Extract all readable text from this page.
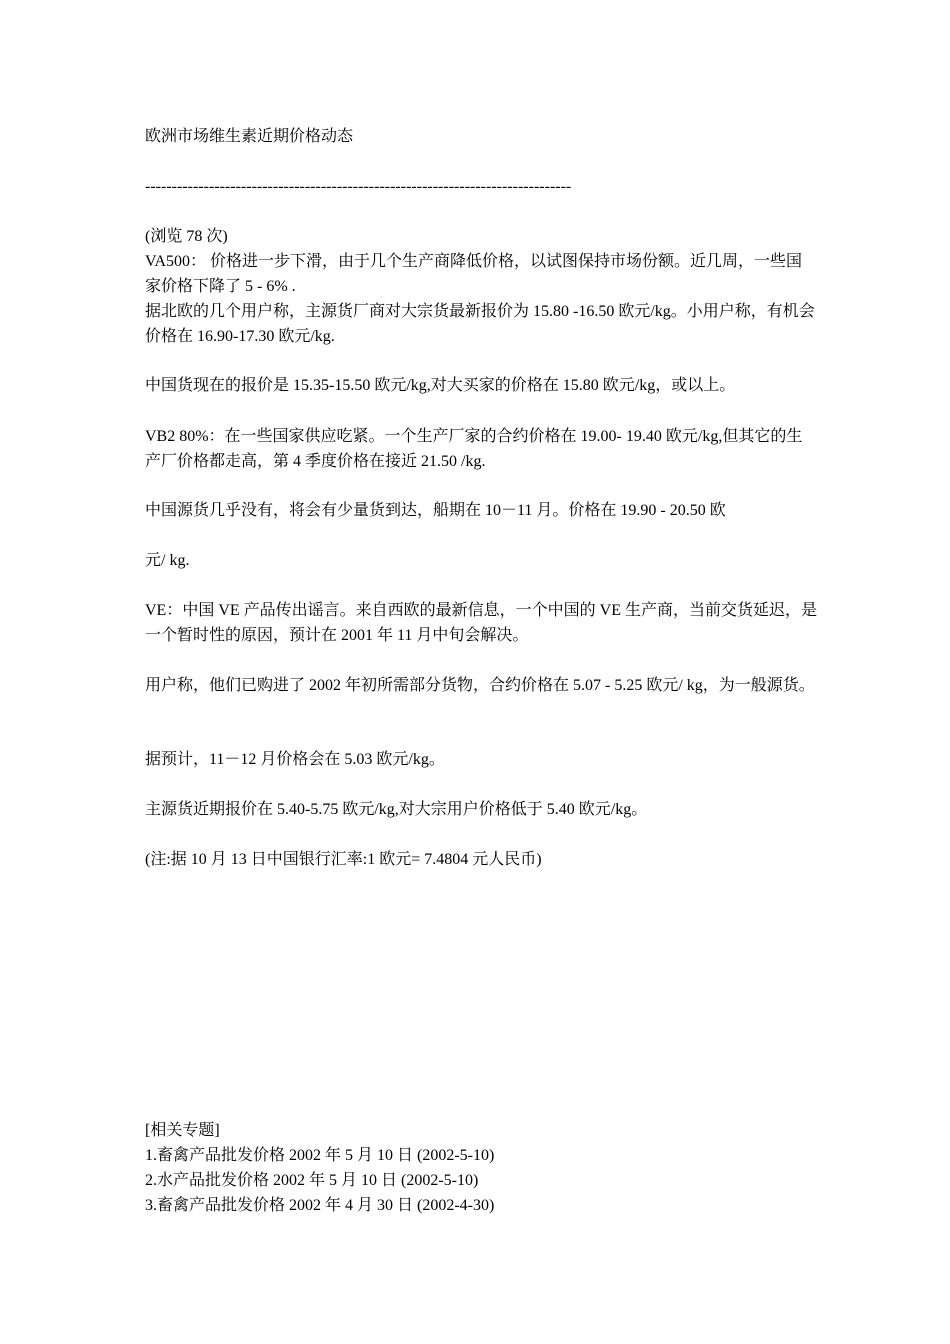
欧洲市场维生素近期价格动态
--------------------------------------------------------------------------------
(浏览 78 次)
VA500： 价格进一步下滑，由于几个生产商降低价格，以试图保持市场份额。近几周，一些国家价格下降了 5 - 6% .
据北欧的几个用户称，主源货厂商对大宗货最新报价为 15.80 -16.50 欧元/kg。小用户称，有机会价格在 16.90-17.30 欧元/kg.
中国货现在的报价是 15.35-15.50 欧元/kg,对大买家的价格在 15.80 欧元/kg，或以上。
VB2 80%：在一些国家供应吃紧。一个生产厂家的合约价格在 19.00- 19.40 欧元/kg,但其它的生产厂价格都走高，第 4 季度价格在接近 21.50 /kg.
中国源货几乎没有，将会有少量货到达，船期在 10－11 月。价格在 19.90 - 20.50 欧
元/ kg.
VE：中国 VE 产品传出谣言。来自西欧的最新信息，一个中国的 VE 生产商，当前交货延迟，是一个暂时性的原因，预计在 2001 年 11 月中旬会解决。
用户称，他们已购进了 2002 年初所需部分货物，合约价格在 5.07 - 5.25 欧元/ kg，为一般源货。
据预计，11－12 月价格会在 5.03 欧元/kg。
主源货近期报价在 5.40-5.75 欧元/kg,对大宗用户价格低于 5.40 欧元/kg。
(注:据 10 月 13 日中国银行汇率:1 欧元= 7.4804 元人民币)
[相关专题]
1.畜禽产品批发价格 2002 年 5 月 10 日 (2002-5-10)
2.水产品批发价格 2002 年 5 月 10 日 (2002-5-10)
3.畜禽产品批发价格 2002 年 4 月 30 日 (2002-4-30)
